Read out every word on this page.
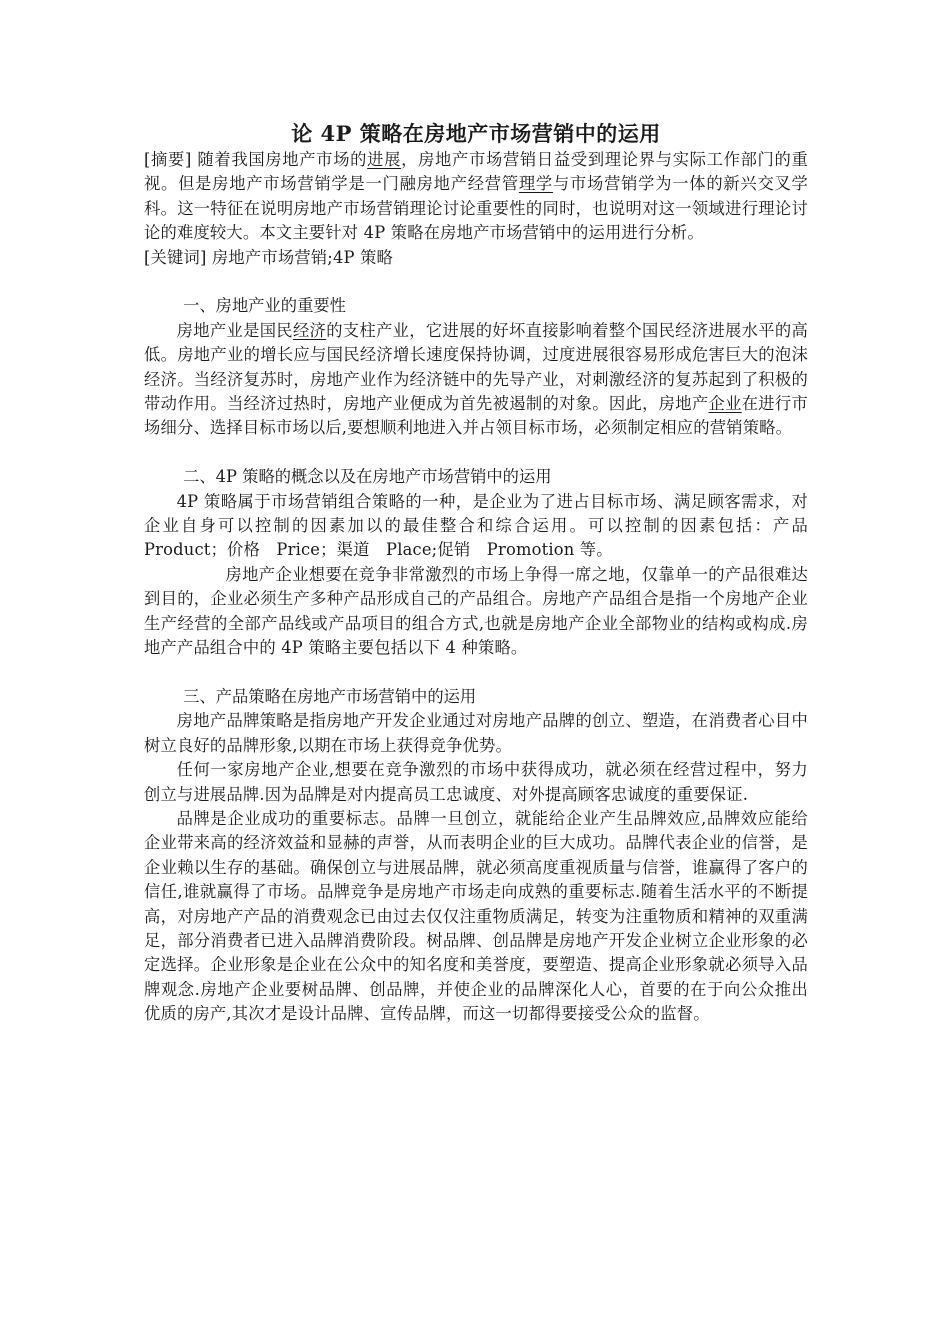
论 4P 策略在房地产市场营销中的运用

[摘要] 随着我国房地产市场的进展，房地产市场营销日益受到理论界与实际工作部门的重视。但是房地产市场营销学是一门融房地产经营管理学与市场营销学为一体的新兴交叉学科。这一特征在说明房地产市场营销理论讨论重要性的同时，也说明对这一领域进行理论讨论的难度较大。本文主要针对 4P 策略在房地产市场营销中的运用进行分析。

[关键词] 房地产市场营销;4P 策略

一、房地产业的重要性

房地产业是国民经济的支柱产业，它进展的好坏直接影响着整个国民经济进展水平的高低。房地产业的增长应与国民经济增长速度保持协调，过度进展很容易形成危害巨大的泡沫经济。当经济复苏时，房地产业作为经济链中的先导产业，对刺激经济的复苏起到了积极的带动作用。当经济过热时，房地产业便成为首先被遏制的对象。因此，房地产企业在进行市场细分、选择目标市场以后,要想顺利地进入并占领目标市场，必须制定相应的营销策略。

二、4P 策略的概念以及在房地产市场营销中的运用

4P 策略属于市场营销组合策略的一种，是企业为了进占目标市场、满足顾客需求，对企业自身可以控制的因素加以的最佳整合和综合运用。可以控制的因素包括：产品　Product；价格　Price；渠道　Place;促销　Promotion 等。

房地产企业想要在竞争非常激烈的市场上争得一席之地，仅靠单一的产品很难达到目的，企业必须生产多种产品形成自己的产品组合。房地产产品组合是指一个房地产企业生产经营的全部产品线或产品项目的组合方式,也就是房地产企业全部物业的结构或构成.房地产产品组合中的 4P 策略主要包括以下 4 种策略。

三、产品策略在房地产市场营销中的运用

房地产品牌策略是指房地产开发企业通过对房地产品牌的创立、塑造，在消费者心目中树立良好的品牌形象,以期在市场上获得竞争优势。

任何一家房地产企业,想要在竞争激烈的市场中获得成功，就必须在经营过程中，努力创立与进展品牌.因为品牌是对内提高员工忠诚度、对外提高顾客忠诚度的重要保证.

品牌是企业成功的重要标志。品牌一旦创立，就能给企业产生品牌效应,品牌效应能给企业带来高的经济效益和显赫的声誉，从而表明企业的巨大成功。品牌代表企业的信誉，是企业赖以生存的基础。确保创立与进展品牌，就必须高度重视质量与信誉，谁赢得了客户的信任,谁就赢得了市场。品牌竞争是房地产市场走向成熟的重要标志.随着生活水平的不断提高，对房地产产品的消费观念已由过去仅仅注重物质满足，转变为注重物质和精神的双重满足，部分消费者已进入品牌消费阶段。树品牌、创品牌是房地产开发企业树立企业形象的必定选择。企业形象是企业在公众中的知名度和美誉度，要塑造、提高企业形象就必须导入品牌观念.房地产企业要树品牌、创品牌，并使企业的品牌深化人心，首要的在于向公众推出优质的房产,其次才是设计品牌、宣传品牌，而这一切都得要接受公众的监督。
